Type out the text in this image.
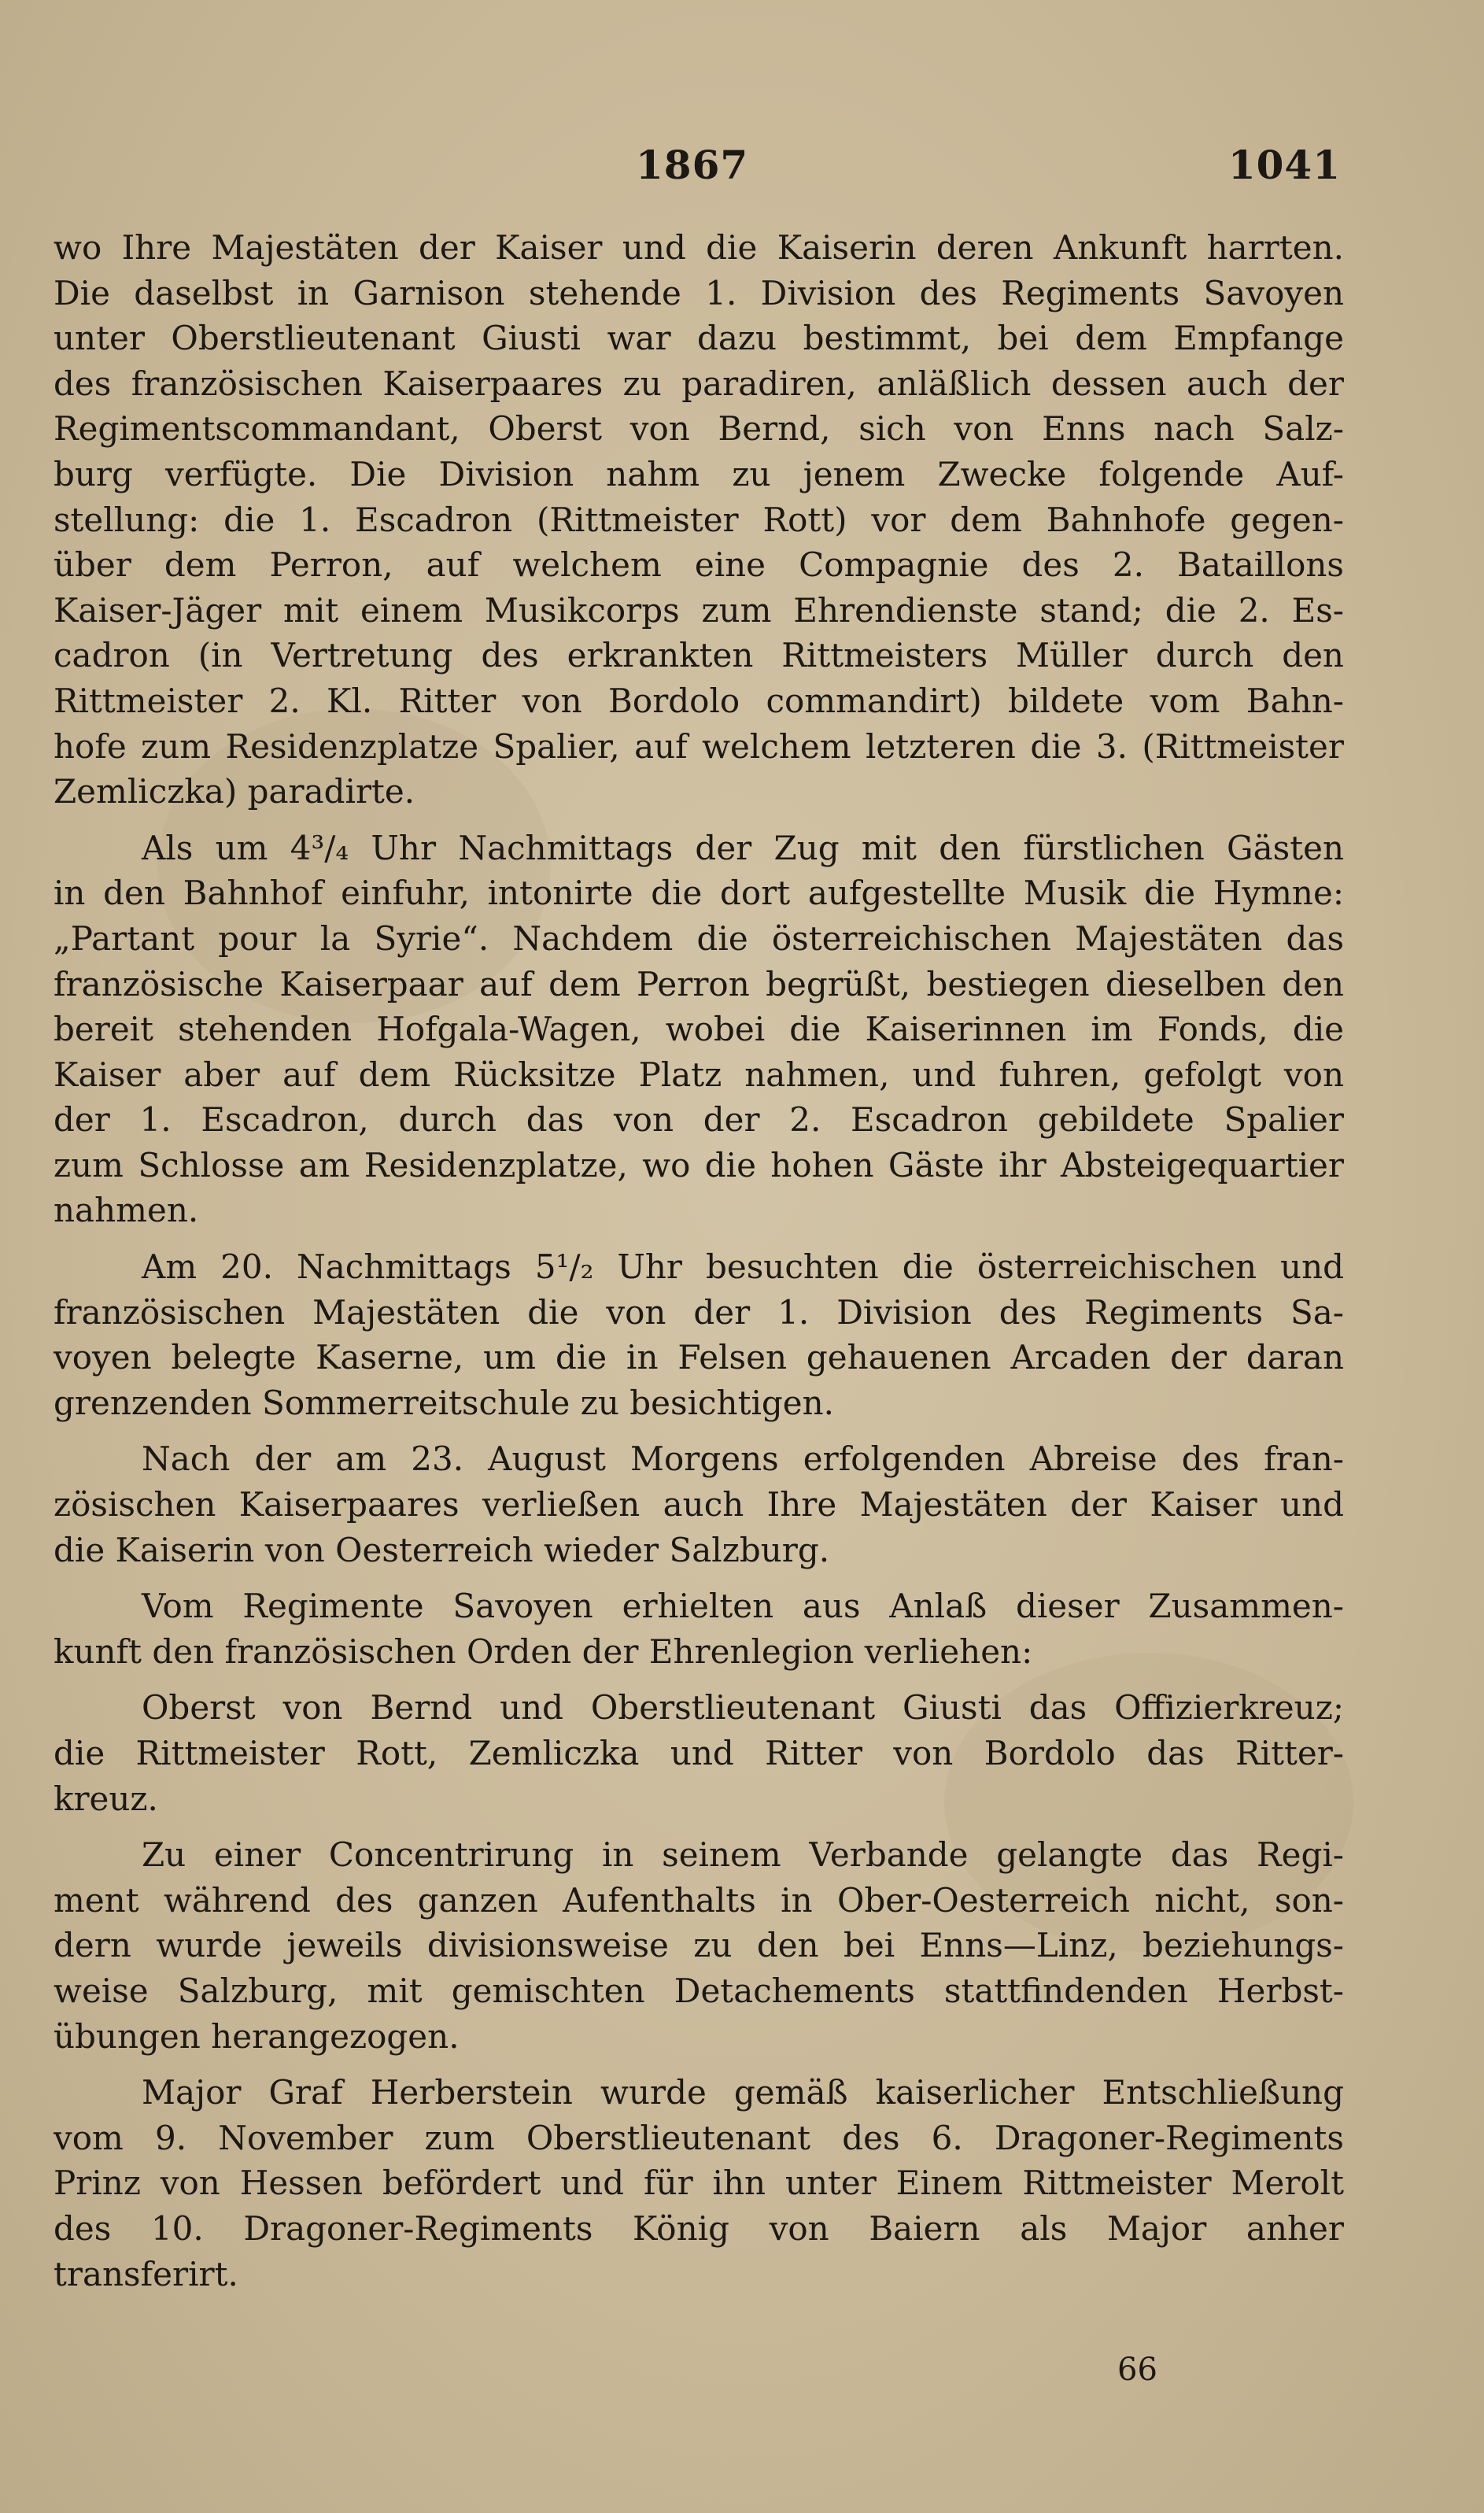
1867	1041
wo Ihre Majestäten der Kaiser und die Kaiserin deren Ankunft harrten.
Die daselbst in Garnison stehende 1. Division des Regiments Savoyen
unter Oberstlieutenant Giusti war dazu bestimmt, bei dem Empfange
des französischen Kaiserpaares zu paradiren, anläßlich dessen auch der
Regimentscommandant, Oberst von Bernd, sich von Enns nach Salz-
burg verfügte. Die Division nahm zu jenem Zwecke folgende Auf-
stellung: die 1. Escadron (Rittmeister Rott) vor dem Bahnhofe gegen-
über dem Perron, auf welchem eine Compagnie des 2. Bataillons
Kaiser-Jäger mit einem Musikcorps zum Ehrendienste stand; die 2. Es-
cadron (in Vertretung des erkrankten Rittmeisters Müller durch den
Rittmeister 2. Kl. Ritter von Bordolo commandirt) bildete vom Bahn-
hofe zum Residenzplatze Spalier, auf welchem letzteren die 3. (Rittmeister
Zemliczka) paradirte.
Als um 4³/₄ Uhr Nachmittags der Zug mit den fürstlichen Gästen
in den Bahnhof einfuhr, intonirte die dort aufgestellte Musik die Hymne:
„Partant pour la Syrie“. Nachdem die österreichischen Majestäten das
französische Kaiserpaar auf dem Perron begrüßt, bestiegen dieselben den
bereit stehenden Hofgala-Wagen, wobei die Kaiserinnen im Fonds, die
Kaiser aber auf dem Rücksitze Platz nahmen, und fuhren, gefolgt von
der 1. Escadron, durch das von der 2. Escadron gebildete Spalier
zum Schlosse am Residenzplatze, wo die hohen Gäste ihr Absteigequartier
nahmen.
Am 20. Nachmittags 5¹/₂ Uhr besuchten die österreichischen und
französischen Majestäten die von der 1. Division des Regiments Sa-
voyen belegte Kaserne, um die in Felsen gehauenen Arcaden der daran
grenzenden Sommerreitschule zu besichtigen.
Nach der am 23. August Morgens erfolgenden Abreise des fran-
zösischen Kaiserpaares verließen auch Ihre Majestäten der Kaiser und
die Kaiserin von Oesterreich wieder Salzburg.
Vom Regimente Savoyen erhielten aus Anlaß dieser Zusammen-
kunft den französischen Orden der Ehrenlegion verliehen:
Oberst von Bernd und Oberstlieutenant Giusti das Offizierkreuz;
die Rittmeister Rott, Zemliczka und Ritter von Bordolo das Ritter-
kreuz.
Zu einer Concentrirung in seinem Verbande gelangte das Regi-
ment während des ganzen Aufenthalts in Ober-Oesterreich nicht, son-
dern wurde jeweils divisionsweise zu den bei Enns—Linz, beziehungs-
weise Salzburg, mit gemischten Detachements stattfindenden Herbst-
übungen herangezogen.
Major Graf Herberstein wurde gemäß kaiserlicher Entschließung
vom 9. November zum Oberstlieutenant des 6. Dragoner-Regiments
Prinz von Hessen befördert und für ihn unter Einem Rittmeister Merolt
des 10. Dragoner-Regiments König von Baiern als Major anher
transferirt.
66
